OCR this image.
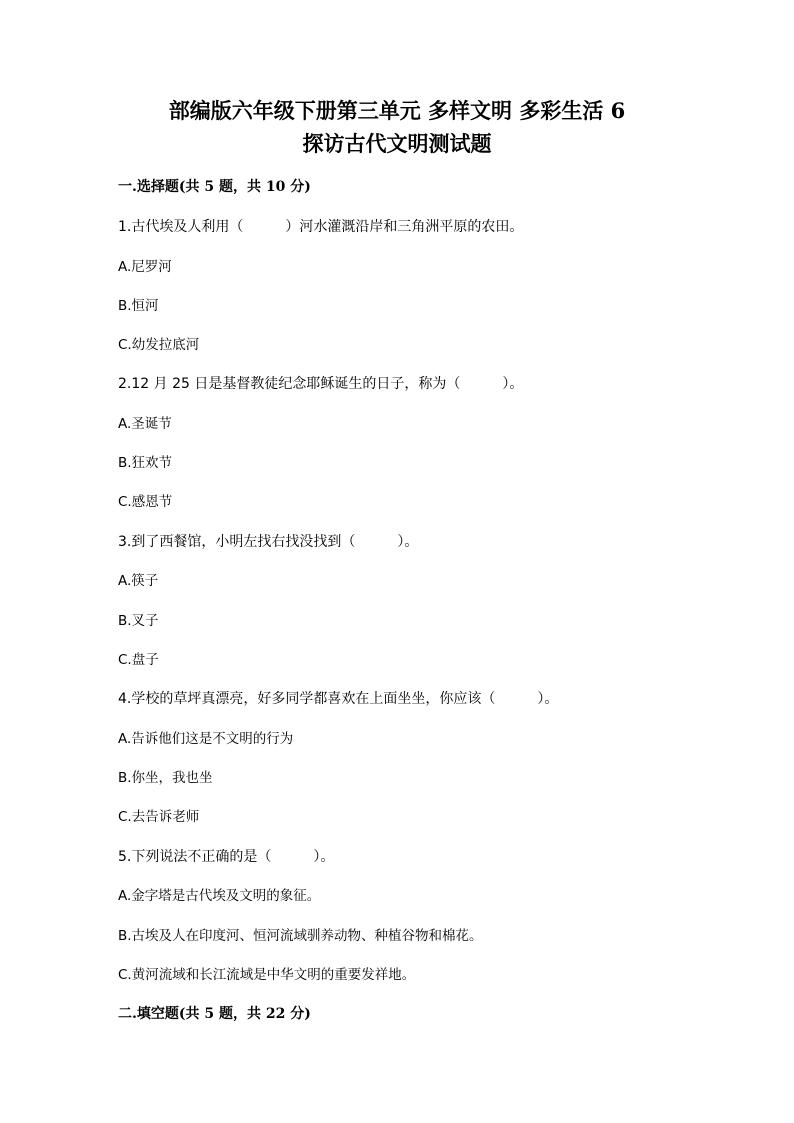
部编版六年级下册第三单元 多样文明 多彩生活 6
探访古代文明测试题
一.选择题(共 5 题，共 10 分)
1.古代埃及人利用（　　　）河水灌溉沿岸和三角洲平原的农田。
A.尼罗河
B.恒河
C.幼发拉底河
2.12 月 25 日是基督教徒纪念耶稣诞生的日子，称为（　　　）。
A.圣诞节
B.狂欢节
C.感恩节
3.到了西餐馆，小明左找右找没找到（　　　）。
A.筷子
B.叉子
C.盘子
4.学校的草坪真漂亮，好多同学都喜欢在上面坐坐，你应该（　　　）。
A.告诉他们这是不文明的行为
B.你坐，我也坐
C.去告诉老师
5.下列说法不正确的是（　　　）。
A.金字塔是古代埃及文明的象征。
B.古埃及人在印度河、恒河流域驯养动物、种植谷物和棉花。
C.黄河流域和长江流域是中华文明的重要发祥地。
二.填空题(共 5 题，共 22 分)
